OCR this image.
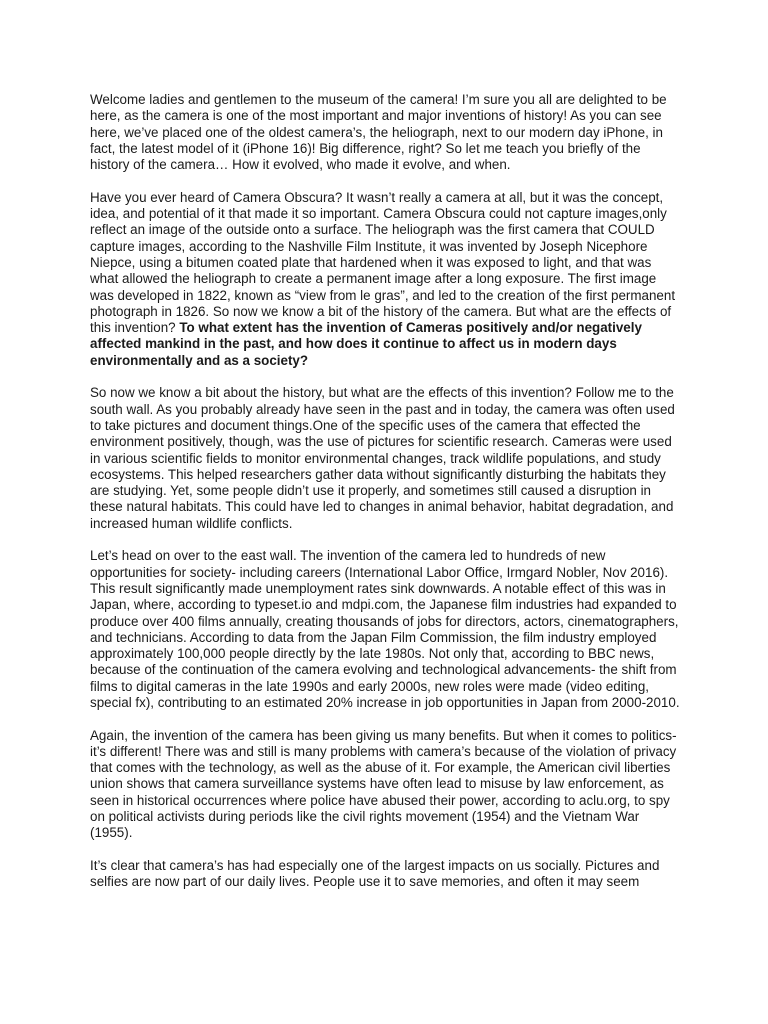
Welcome ladies and gentlemen to the museum of the camera! I’m sure you all are delighted to be here, as the camera is one of the most important and major inventions of history! As you can see here, we’ve placed one of the oldest camera’s, the heliograph, next to our modern day iPhone, in fact, the latest model of it (iPhone 16)! Big difference, right? So let me teach you briefly of the history of the camera… How it evolved, who made it evolve, and when.

Have you ever heard of Camera Obscura? It wasn’t really a camera at all, but it was the concept, idea, and potential of it that made it so important. Camera Obscura could not capture images,only reflect an image of the outside onto a surface. The heliograph was the first camera that COULD capture images, according to the Nashville Film Institute, it was invented by Joseph Nicephore Niepce, using a bitumen coated plate that hardened when it was exposed to light, and that was what allowed the heliograph to create a permanent image after a long exposure. The first image was developed in 1822, known as “view from le gras”, and led to the creation of the first permanent photograph in 1826. So now we know a bit of the history of the camera. But what are the effects of this invention? To what extent has the invention of Cameras positively and/or negatively affected mankind in the past, and how does it continue to affect us in modern days environmentally and as a society?

So now we know a bit about the history, but what are the effects of this invention? Follow me to the south wall. As you probably already have seen in the past and in today, the camera was often used to take pictures and document things.One of the specific uses of the camera that effected the environment positively, though, was the use of pictures for scientific research. Cameras were used in various scientific fields to monitor environmental changes, track wildlife populations, and study ecosystems. This helped researchers gather data without significantly disturbing the habitats they are studying. Yet, some people didn’t use it properly, and sometimes still caused a disruption in these natural habitats. This could have led to changes in animal behavior, habitat degradation, and increased human wildlife conflicts.

Let’s head on over to the east wall. The invention of the camera led to hundreds of new opportunities for society- including careers (International Labor Office, Irmgard Nobler, Nov 2016). This result significantly made unemployment rates sink downwards. A notable effect of this was in Japan, where, according to typeset.io and mdpi.com, the Japanese film industries had expanded to produce over 400 films annually, creating thousands of jobs for directors, actors, cinematographers, and technicians. According to data from the Japan Film Commission, the film industry employed approximately 100,000 people directly by the late 1980s. Not only that, according to BBC news, because of the continuation of the camera evolving and technological advancements- the shift from films to digital cameras in the late 1990s and early 2000s, new roles were made (video editing, special fx), contributing to an estimated 20% increase in job opportunities in Japan from 2000-2010.

Again, the invention of the camera has been giving us many benefits. But when it comes to politics- it’s different! There was and still is many problems with camera’s because of the violation of privacy that comes with the technology, as well as the abuse of it. For example, the American civil liberties union shows that camera surveillance systems have often lead to misuse by law enforcement, as seen in historical occurrences where police have abused their power, according to aclu.org, to spy on political activists during periods like the civil rights movement (1954) and the Vietnam War (1955).

It’s clear that camera’s has had especially one of the largest impacts on us socially. Pictures and selfies are now part of our daily lives. People use it to save memories, and often it may seem
